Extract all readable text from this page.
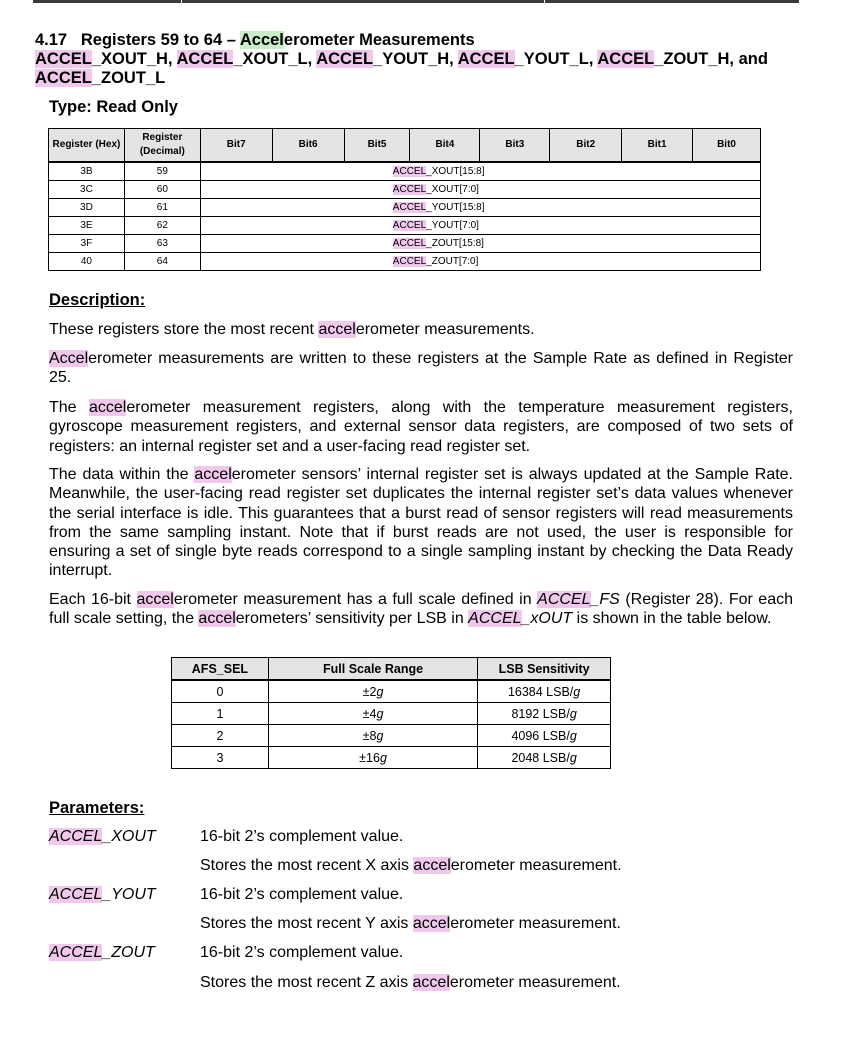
4.17 Registers 59 to 64 – Accelerometer Measurements
ACCEL_XOUT_H, ACCEL_XOUT_L, ACCEL_YOUT_H, ACCEL_YOUT_L, ACCEL_ZOUT_H, and
ACCEL_ZOUT_L

Type: Read Only

Register (Hex)	Register (Decimal)	Bit7	Bit6	Bit5	Bit4	Bit3	Bit2	Bit1	Bit0
3B	59	ACCEL_XOUT[15:8]							
3C	60	ACCEL_XOUT[7:0]							
3D	61	ACCEL_YOUT[15:8]							
3E	62	ACCEL_YOUT[7:0]							
3F	63	ACCEL_ZOUT[15:8]							
40	64	ACCEL_ZOUT[7:0]							

Description:

These registers store the most recent accelerometer measurements.

Accelerometer measurements are written to these registers at the Sample Rate as defined in Register 25.

The accelerometer measurement registers, along with the temperature measurement registers, gyroscope measurement registers, and external sensor data registers, are composed of two sets of registers: an internal register set and a user-facing read register set.

The data within the accelerometer sensors’ internal register set is always updated at the Sample Rate. Meanwhile, the user-facing read register set duplicates the internal register set’s data values whenever the serial interface is idle. This guarantees that a burst read of sensor registers will read measurements from the same sampling instant. Note that if burst reads are not used, the user is responsible for ensuring a set of single byte reads correspond to a single sampling instant by checking the Data Ready interrupt.

Each 16-bit accelerometer measurement has a full scale defined in ACCEL_FS (Register 28). For each full scale setting, the accelerometers’ sensitivity per LSB in ACCEL_xOUT is shown in the table below.

AFS_SEL	Full Scale Range	LSB Sensitivity
0	±2g	16384 LSB/g
1	±4g	8192 LSB/g
2	±8g	4096 LSB/g
3	±16g	2048 LSB/g

Parameters:

ACCEL_XOUT	16-bit 2’s complement value.

Stores the most recent X axis accelerometer measurement.

ACCEL_YOUT	16-bit 2’s complement value.

Stores the most recent Y axis accelerometer measurement.

ACCEL_ZOUT	16-bit 2’s complement value.

Stores the most recent Z axis accelerometer measurement.
